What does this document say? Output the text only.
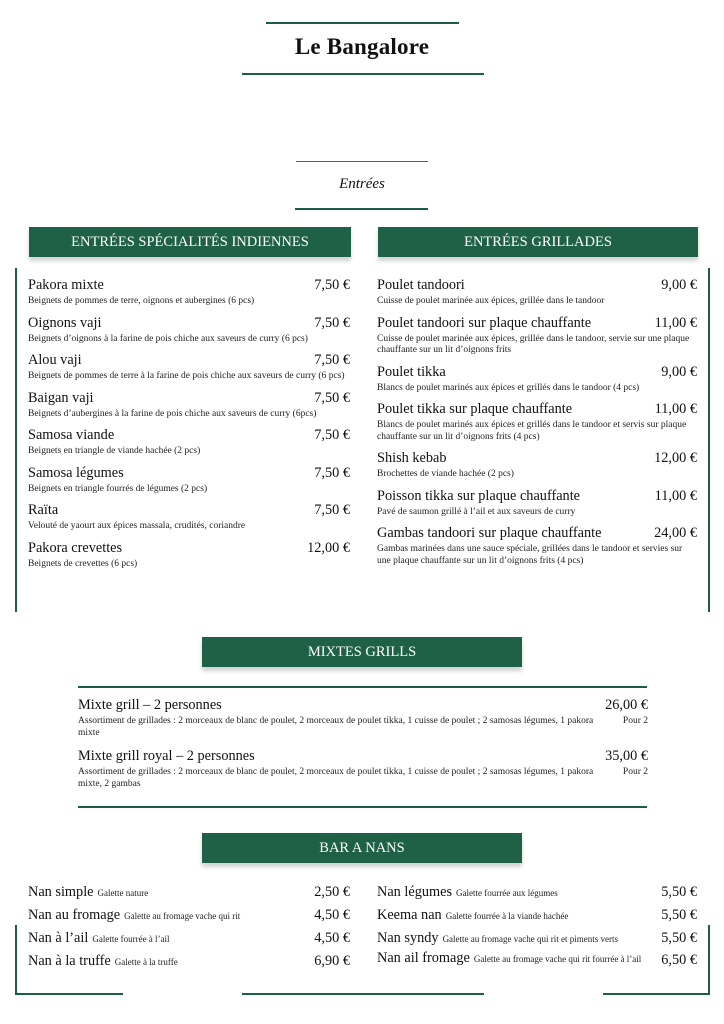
Le Bangalore
Entrées
ENTRÉES SPÉCIALITÉS INDIENNES	ENTRÉES GRILLADES
Pakora mixte	7,50 €
Beignets de pommes de terre, oignons et aubergines (6 pcs)
Oignons vaji	7,50 €
Beignets d’oignons à la farine de pois chiche aux saveurs de curry (6 pcs)
Alou vaji	7,50 €
Beignets de pommes de terre à la farine de pois chiche aux saveurs de curry (6 pcs)
Baigan vaji	7,50 €
Beignets d’aubergines à la farine de pois chiche aux saveurs de curry (6pcs)
Samosa viande	7,50 €
Beignets en triangle de viande hachée (2 pcs)
Samosa légumes	7,50 €
Beignets en triangle fourrés de légumes (2 pcs)
Raïta	7,50 €
Velouté de yaourt aux épices massala, crudités, coriandre
Pakora crevettes	12,00 €
Beignets de crevettes (6 pcs)
Poulet tandoori	9,00 €
Cuisse de poulet marinée aux épices, grillée dans le tandoor
Poulet tandoori sur plaque chauffante	11,00 €
Cuisse de poulet marinée aux épices, grillée dans le tandoor, servie sur une plaque chauffante sur un lit d’oignons frits
Poulet tikka	9,00 €
Blancs de poulet marinés aux épices et grillés dans le tandoor (4 pcs)
Poulet tikka sur plaque chauffante	11,00 €
Blancs de poulet marinés aux épices et grillés dans le tandoor et servis sur plaque chauffante sur un lit d’oignons frits (4 pcs)
Shish kebab	12,00 €
Brochettes de viande hachée (2 pcs)
Poisson tikka sur plaque chauffante	11,00 €
Pavé de saumon grillé à l’ail et aux saveurs de curry
Gambas tandoori sur plaque chauffante	24,00 €
Gambas marinées dans une sauce spéciale, grillées dans le tandoor et servies sur une plaque chauffante sur un lit d’oignons frits (4 pcs)
MIXTES GRILLS
Mixte grill – 2 personnes	26,00 €
Assortiment de grillades : 2 morceaux de blanc de poulet, 2 morceaux de poulet tikka, 1 cuisse de poulet ; 2 samosas légumes, 1 pakora mixte
Pour 2
Mixte grill royal – 2 personnes	35,00 €
Assortiment de grillades : 2 morceaux de blanc de poulet, 2 morceaux de poulet tikka, 1 cuisse de poulet ; 2 samosas légumes, 1 pakora mixte, 2 gambas
Pour 2
BAR A NANS
Nan simple Galette nature	2,50 €
Nan au fromage Galette au fromage vache qui rit	4,50 €
Nan à l’ail Galette fourrée à l’ail	4,50 €
Nan à la truffe Galette à la truffe	6,90 €
Nan légumes Galette fourrée aux légumes	5,50 €
Keema nan Galette fourrée à la viande hachée	5,50 €
Nan syndy Galette au fromage vache qui rit et piments verts	5,50 €
Nan ail fromage Galette au fromage vache qui rit fourrée à l’ail 6,50 €
